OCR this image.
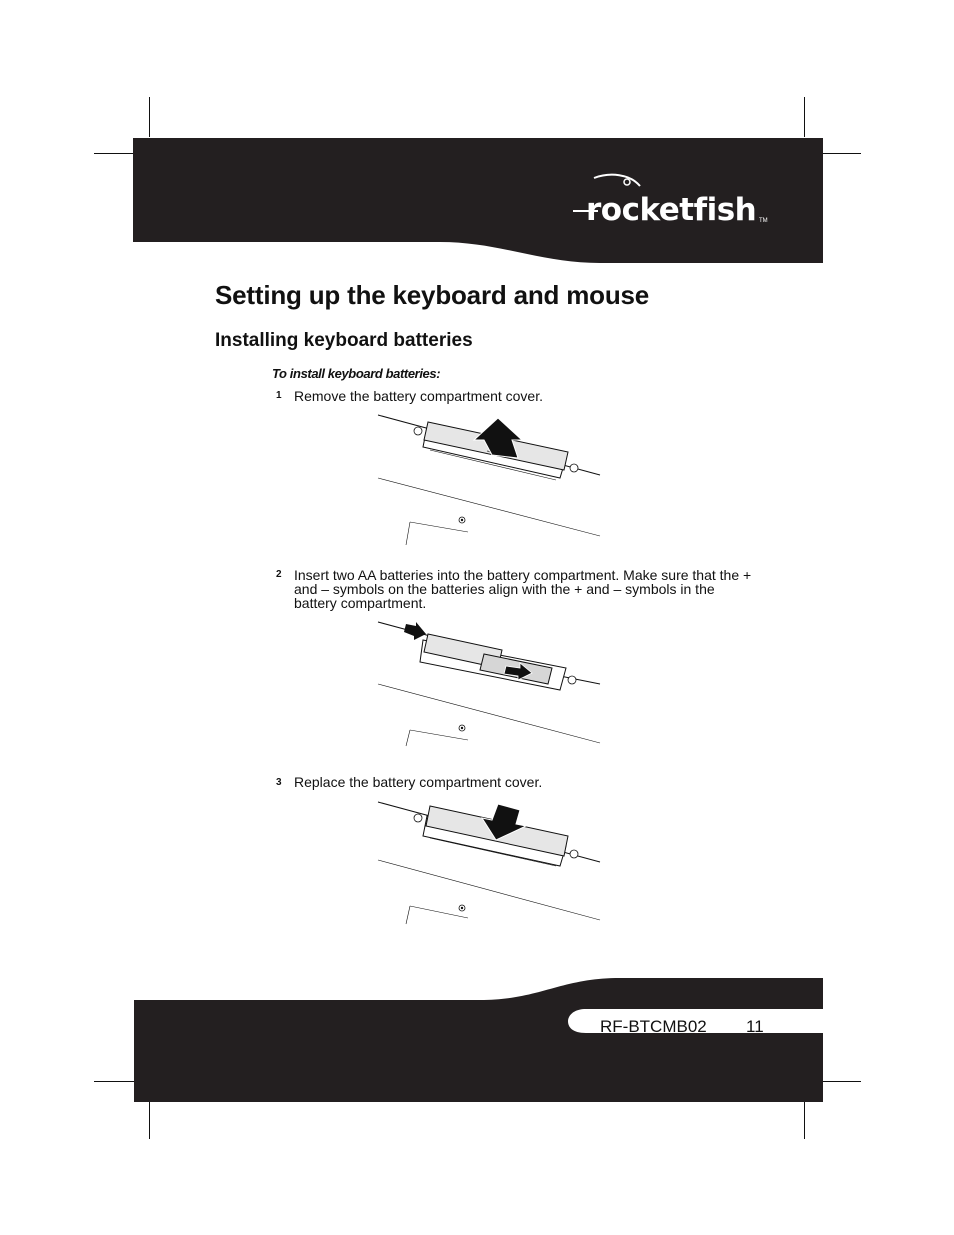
rocketfish TM
Setting up the keyboard and mouse
Installing keyboard batteries
To install keyboard batteries:
1 Remove the battery compartment cover.
2 Insert two AA batteries into the battery compartment. Make sure that the + and – symbols on the batteries align with the + and – symbols in the battery compartment.
3 Replace the battery compartment cover.
RF-BTCMB02 11
